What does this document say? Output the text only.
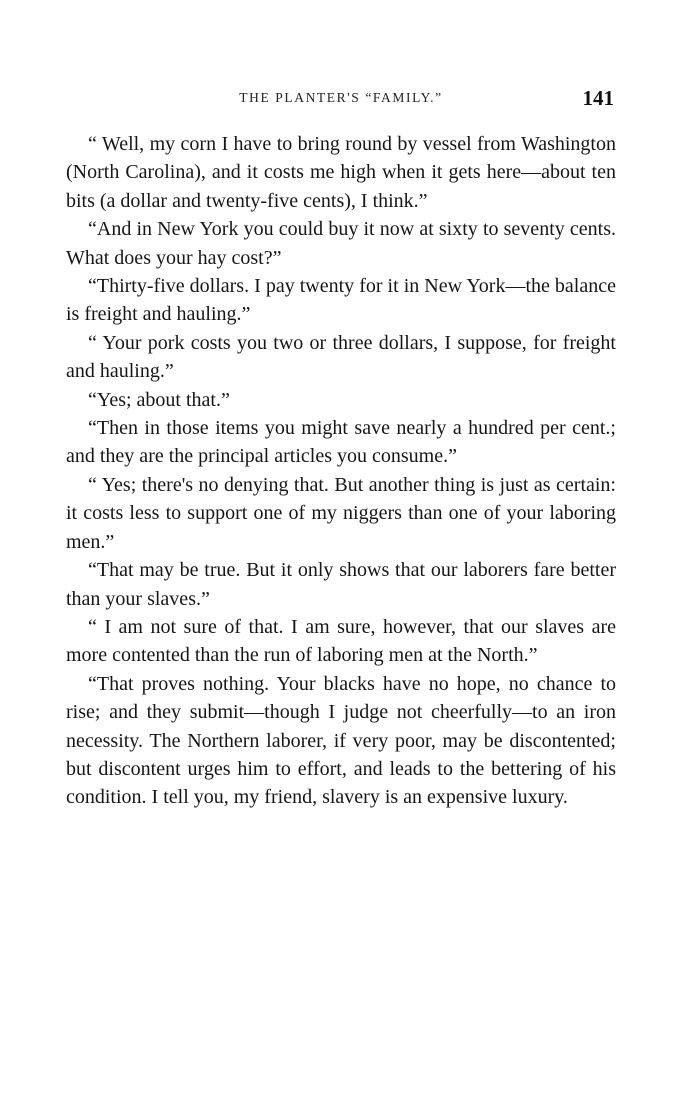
THE PLANTER'S “FAMILY.”	141

“ Well, my corn I have to bring round by vessel from Washington (North Carolina), and it costs me high when it gets here—about ten bits (a dollar and twenty-five cents), I think.”

“And in New York you could buy it now at sixty to seventy cents. What does your hay cost?”

“Thirty-five dollars. I pay twenty for it in New York—the balance is freight and hauling.”

“ Your pork costs you two or three dollars, I suppose, for freight and hauling.”

“Yes; about that.”

“Then in those items you might save nearly a hundred per cent.; and they are the principal articles you consume.”

“ Yes; there's no denying that. But another thing is just as certain: it costs less to support one of my niggers than one of your laboring men.”

“That may be true. But it only shows that our laborers fare better than your slaves.”

“ I am not sure of that. I am sure, however, that our slaves are more contented than the run of laboring men at the North.”

“That proves nothing. Your blacks have no hope, no chance to rise; and they submit—though I judge not cheerfully—to an iron necessity. The Northern laborer, if very poor, may be discontented; but discontent urges him to effort, and leads to the bettering of his condition. I tell you, my friend, slavery is an expensive luxury.
